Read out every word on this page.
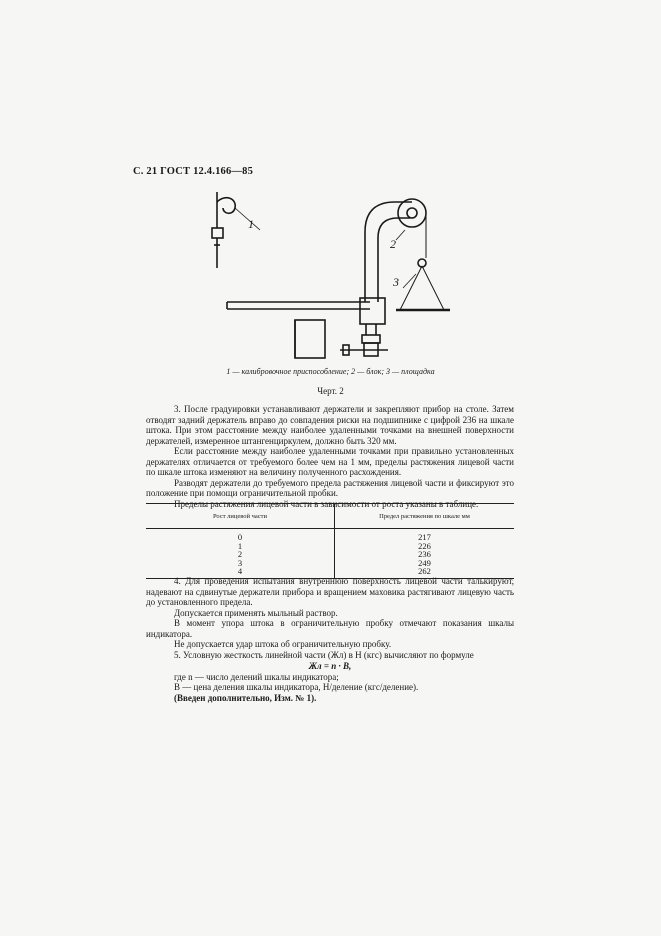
С. 21 ГОСТ 12.4.166—85
1
2
3
1 — калибровочное приспособление; 2 — блок; 3 — площадка
Черт. 2

3. После градуировки устанавливают держатели и закрепляют прибор на столе. Затем отводят задний держатель вправо до совпадения риски на подшипнике с цифрой 236 на шкале штока. При этом расстояние между наиболее удаленными точками на внешней поверхности держателей, измеренное штангенциркулем, должно быть 320 мм.

Если расстояние между наиболее удаленными точками при правильно установленных держателях отличается от требуемого более чем на 1 мм, пределы растяжения лицевой части по шкале штока изменяют на величину полученного расхождения.

Разводят держатели до требуемого предела растяжения лицевой части и фиксируют это положение при помощи ограничительной пробки.

Пределы растяжения лицевой части в зависимости от роста указаны в таблице.

Рост лицевой части	Предел растяжения по шкале мм
0	217
1	226
2	236
3	249
4	262

4. Для проведения испытания внутреннюю поверхность лицевой части талькируют, надевают на сдвинутые держатели прибора и вращением маховика растягивают лицевую часть до установленного предела.

Допускается применять мыльный раствор.

В момент упора штока в ограничительную пробку отмечают показания шкалы индикатора.

Не допускается удар штока об ограничительную пробку.

5. Условную жесткость линейной части (Жл) в Н (кгс) вычисляют по формуле

Жл = n · B,

где n — число делений шкалы индикатора;

B — цена деления шкалы индикатора, Н/деление (кгс/деление).

(Введен дополнительно, Изм. № 1).
